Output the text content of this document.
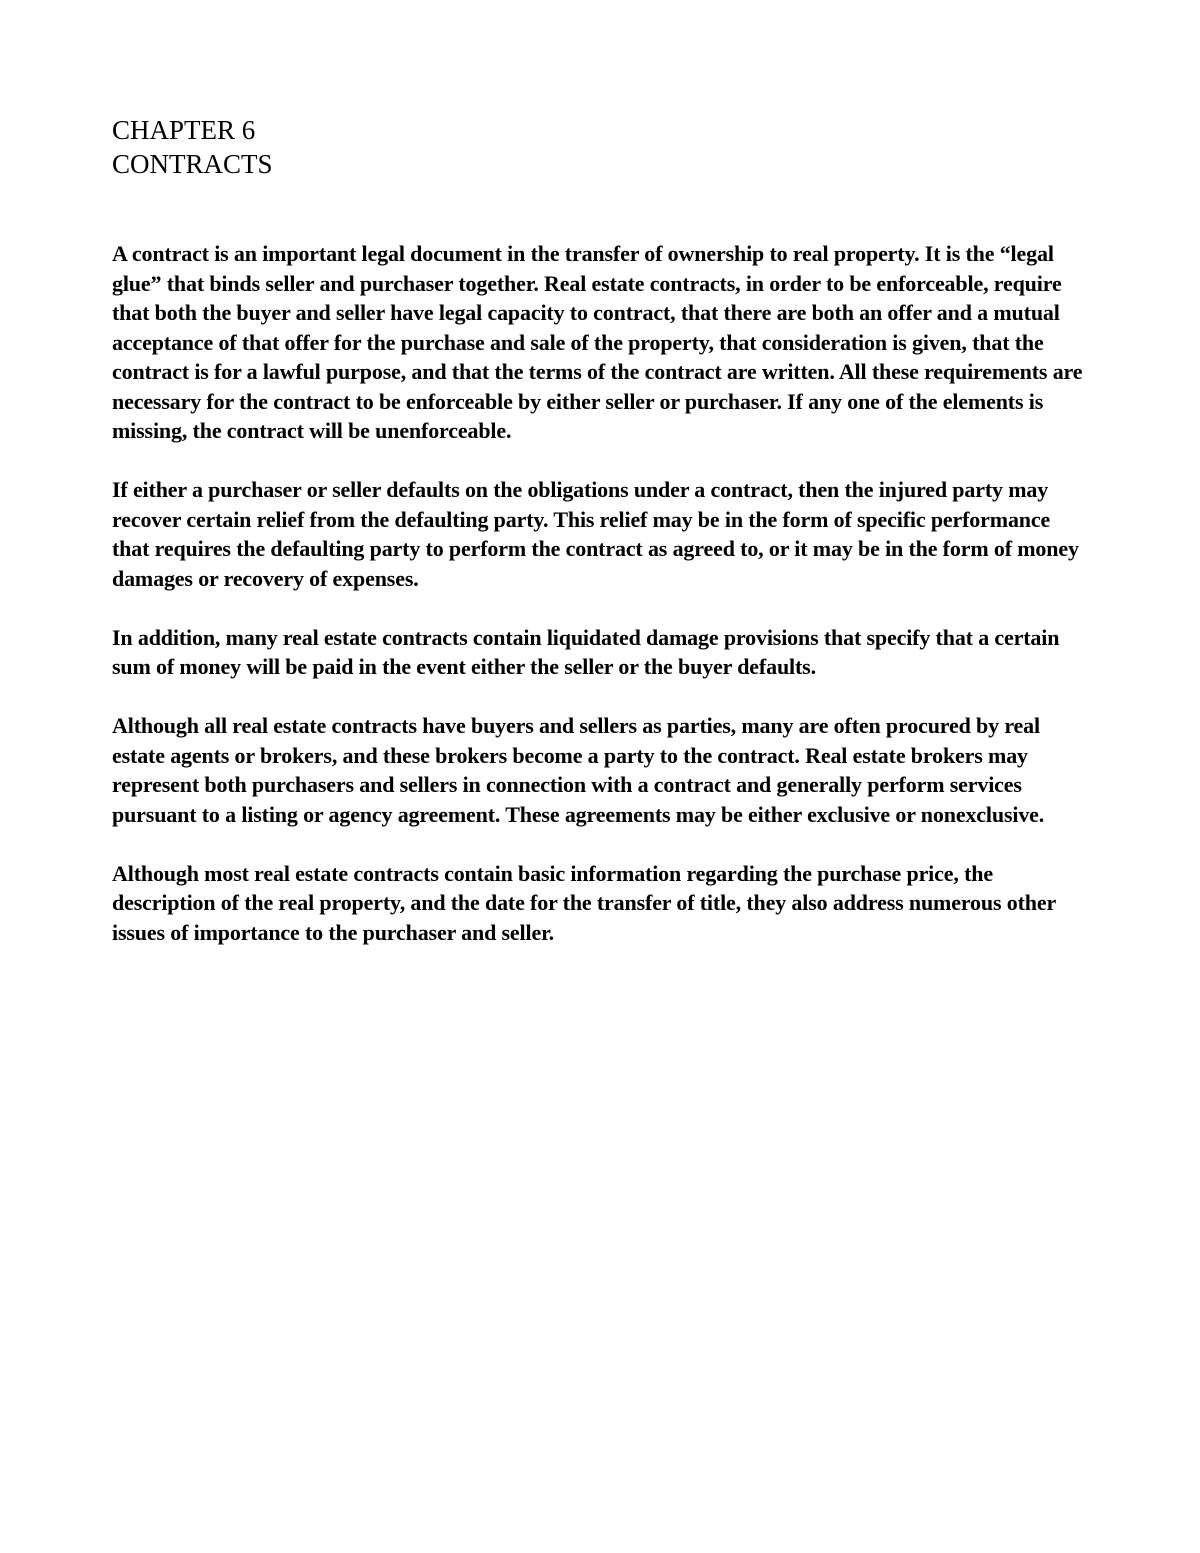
CHAPTER 6
CONTRACTS

A contract is an important legal document in the transfer of ownership to real property. It is the “legal glue” that binds seller and purchaser together. Real estate contracts, in order to be enforceable, require that both the buyer and seller have legal capacity to contract, that there are both an offer and a mutual acceptance of that offer for the purchase and sale of the property, that consideration is given, that the contract is for a lawful purpose, and that the terms of the contract are written. All these requirements are necessary for the contract to be enforceable by either seller or purchaser. If any one of the elements is missing, the contract will be unenforceable.

If either a purchaser or seller defaults on the obligations under a contract, then the injured party may recover certain relief from the defaulting party. This relief may be in the form of specific performance that requires the defaulting party to perform the contract as agreed to, or it may be in the form of money damages or recovery of expenses.

In addition, many real estate contracts contain liquidated damage provisions that specify that a certain sum of money will be paid in the event either the seller or the buyer defaults.

Although all real estate contracts have buyers and sellers as parties, many are often procured by real estate agents or brokers, and these brokers become a party to the contract. Real estate brokers may represent both purchasers and sellers in connection with a contract and generally perform services pursuant to a listing or agency agreement. These agreements may be either exclusive or nonexclusive.

Although most real estate contracts contain basic information regarding the purchase price, the description of the real property, and the date for the transfer of title, they also address numerous other issues of importance to the purchaser and seller.
